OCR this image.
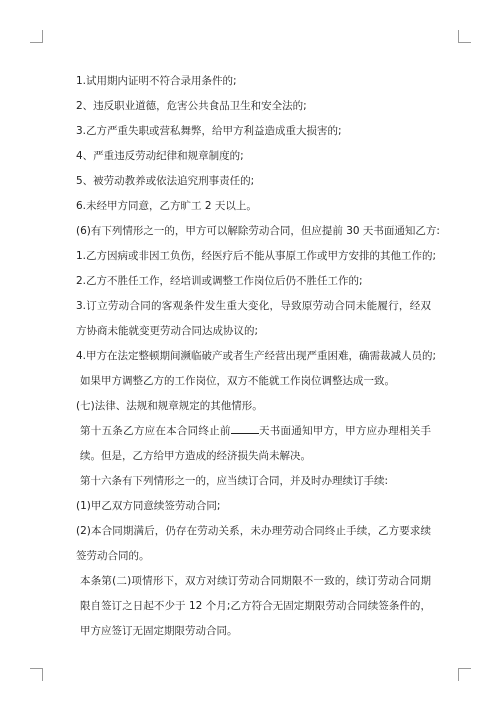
1.试用期内证明不符合录用条件的;

2、违反职业道德，危害公共食品卫生和安全法的;

3.乙方严重失职或营私舞弊，给甲方利益造成重大损害的;

4、严重违反劳动纪律和规章制度的;

5、被劳动教养或依法追究刑事责任的;

6.未经甲方同意，乙方旷工 2 天以上。

(6)有下列情形之一的，甲方可以解除劳动合同，但应提前 30 天书面通知乙方:

1.乙方因病或非因工负伤，经医疗后不能从事原工作或甲方安排的其他工作的;

2.乙方不胜任工作，经培训或调整工作岗位后仍不胜任工作的;

3.订立劳动合同的客观条件发生重大变化，导致原劳动合同未能履行，经双方协商未能就变更劳动合同达成协议的;

4.甲方在法定整顿期间濒临破产或者生产经营出现严重困难，确需裁减人员的;

如果甲方调整乙方的工作岗位，双方不能就工作岗位调整达成一致。

(七)法律、法规和规章规定的其他情形。

第十五条乙方应在本合同终止前	天书面通知甲方，甲方应办理相关手续。但是，乙方给甲方造成的经济损失尚未解决。

第十六条有下列情形之一的，应当续订合同，并及时办理续订手续:

(1)甲乙双方同意续签劳动合同;

(2)本合同期满后，仍存在劳动关系，未办理劳动合同终止手续，乙方要求续签劳动合同的。

本条第(二)项情形下，双方对续订劳动合同期限不一致的，续订劳动合同期限自签订之日起不少于 12 个月;乙方符合无固定期限劳动合同续签条件的，甲方应签订无固定期限劳动合同。
